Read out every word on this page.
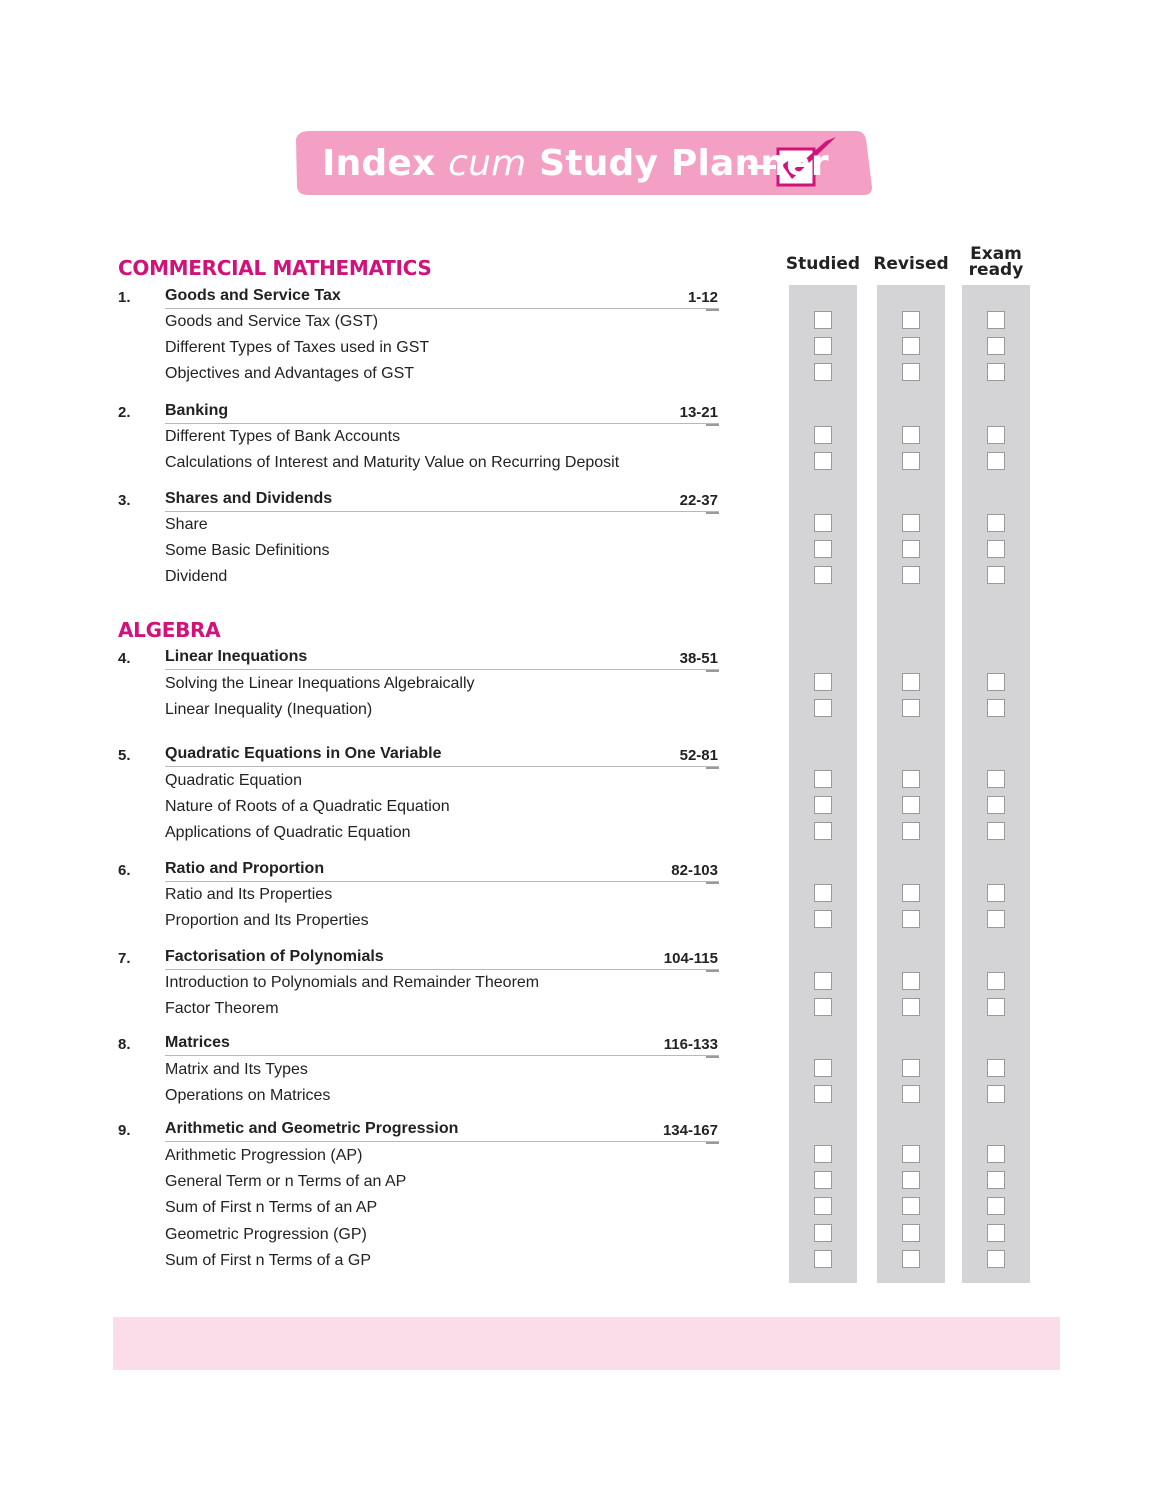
Index cum Study Planner
Studied Revised	Exam
ready
COMMERCIAL MATHEMATICS
1. Goods and Service Tax	1-12
Goods and Service Tax (GST)
Different Types of Taxes used in GST
Objectives and Advantages of GST
2. Banking	13-21
Different Types of Bank Accounts
Calculations of Interest and Maturity Value on Recurring Deposit
3. Shares and Dividends	22-37
Share
Some Basic Definitions
Dividend
ALGEBRA
4. Linear Inequations	38-51
Solving the Linear Inequations Algebraically
Linear Inequality (Inequation)
5. Quadratic Equations in One Variable	52-81
Quadratic Equation
Nature of Roots of a Quadratic Equation
Applications of Quadratic Equation
6. Ratio and Proportion	82-103
Ratio and Its Properties
Proportion and Its Properties
7. Factorisation of Polynomials	104-115
Introduction to Polynomials and Remainder Theorem
Factor Theorem
8. Matrices	116-133
Matrix and Its Types
Operations on Matrices
9. Arithmetic and Geometric Progression	134-167
Arithmetic Progression (AP)
General Term or n Terms of an AP
Sum of First n Terms of an AP
Geometric Progression (GP)
Sum of First n Terms of a GP
